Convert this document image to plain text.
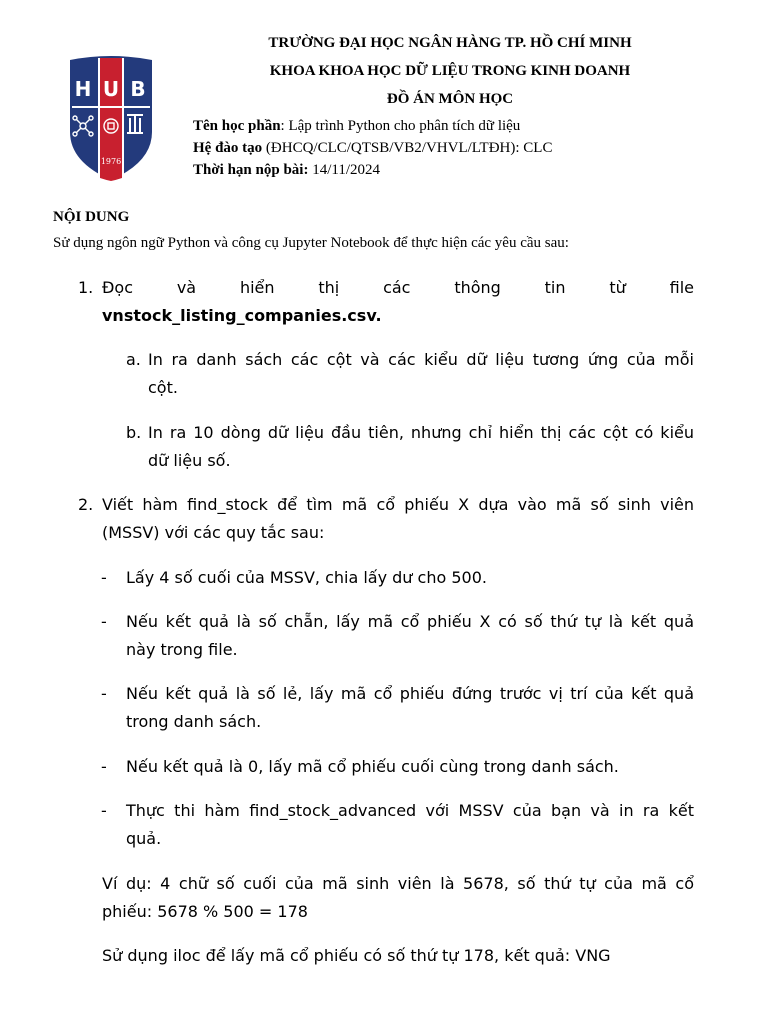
H U B
1976
TRƯỜNG ĐẠI HỌC NGÂN HÀNG TP. HỒ CHÍ MINH
KHOA KHOA HỌC DỮ LIỆU TRONG KINH DOANH
ĐỒ ÁN MÔN HỌC
Tên học phần: Lập trình Python cho phân tích dữ liệu
Hệ đào tạo (ĐHCQ/CLC/QTSB/VB2/VHVL/LTĐH): CLC
Thời hạn nộp bài: 14/11/2024
NỘI DUNG
Sử dụng ngôn ngữ Python và công cụ Jupyter Notebook để thực hiện các yêu cầu sau:
1. Đọc và hiển thị các thông tin từ file
vnstock_listing_companies.csv.
a. In ra danh sách các cột và các kiểu dữ liệu tương ứng của mỗi
cột.
b. In ra 10 dòng dữ liệu đầu tiên, nhưng chỉ hiển thị các cột có kiểu
dữ liệu số.
2. Viết hàm find_stock để tìm mã cổ phiếu X dựa vào mã số sinh viên
(MSSV) với các quy tắc sau:
- Lấy 4 số cuối của MSSV, chia lấy dư cho 500.
- Nếu kết quả là số chẵn, lấy mã cổ phiếu X có số thứ tự là kết quả
này trong file.
- Nếu kết quả là số lẻ, lấy mã cổ phiếu đứng trước vị trí của kết quả
trong danh sách.
- Nếu kết quả là 0, lấy mã cổ phiếu cuối cùng trong danh sách.
- Thực thi hàm find_stock_advanced với MSSV của bạn và in ra kết
quả.
Ví dụ: 4 chữ số cuối của mã sinh viên là 5678, số thứ tự của mã cổ
phiếu: 5678 % 500 = 178
Sử dụng iloc để lấy mã cổ phiếu có số thứ tự 178, kết quả: VNG
